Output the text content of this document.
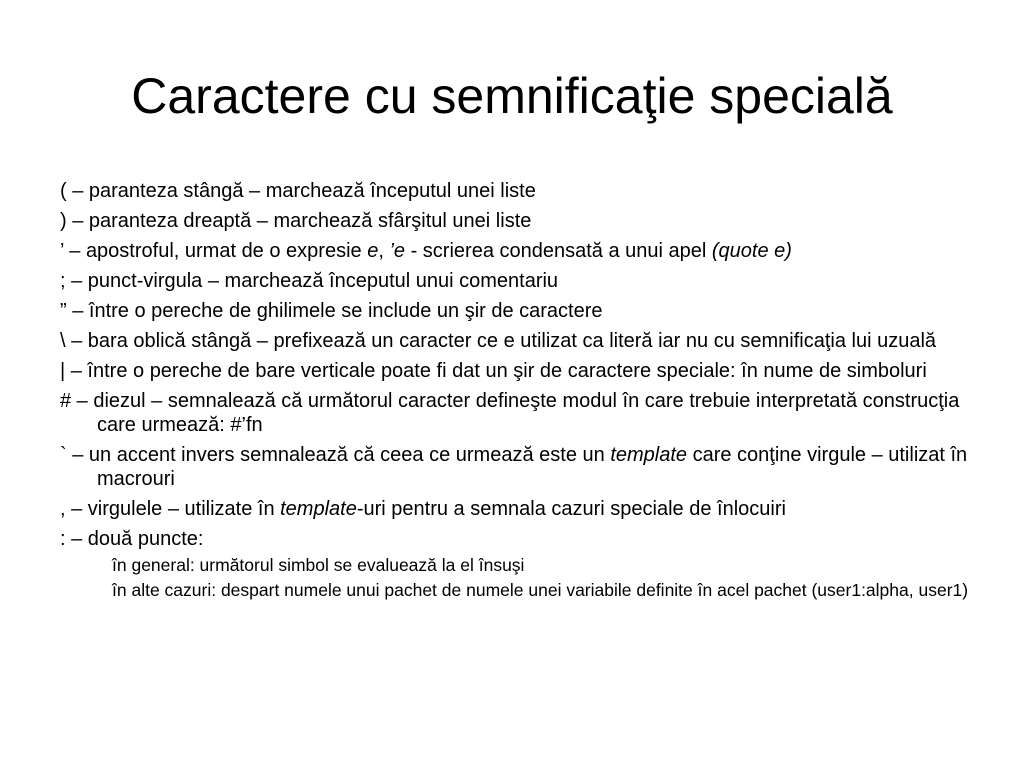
Caractere cu semnificaţie specială
( – paranteza stângă – marchează începutul unei liste
) – paranteza dreaptă – marchează sfârşitul unei liste
’ – apostroful, urmat de o expresie e, ’e - scrierea condensată a unui apel (quote e)
; – punct-virgula – marchează începutul unui comentariu
” – între o pereche de ghilimele se include un şir de caractere
\ – bara oblică stângă – prefixează un caracter ce e utilizat ca literă iar nu cu semnificaţia lui uzuală
| – între o pereche de bare verticale poate fi dat un şir de caractere speciale: în nume de simboluri
# – diezul – semnalează că următorul caracter defineşte modul în care trebuie interpretată construcţia care urmează: #’fn
` – un accent invers semnalează că ceea ce urmează este un template care conţine virgule – utilizat în macrouri
, – virgulele – utilizate în template-uri pentru a semnala cazuri speciale de înlocuiri
: – două puncte:
în general: următorul simbol se evaluează la el însuşi
în alte cazuri: despart numele unui pachet de numele unei variabile definite în acel pachet (user1:alpha, user1)
